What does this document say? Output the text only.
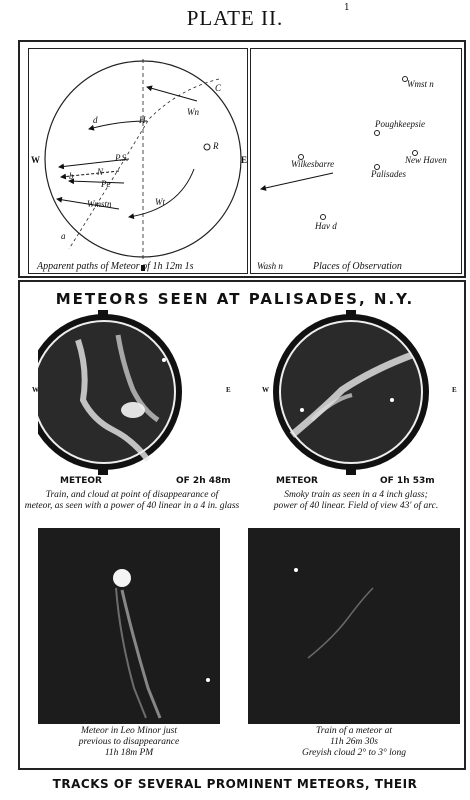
PLATE II.	1
W	E
C
Wn
H
d
R
P.S.
N
b
Pe
Wmstn	Wt
a
Apparent paths of Meteor of 1h 12m 1s
Wmst n
Poughkeepsie
New Haven
Wilkesbarre
Palisades
Hav d
Wash n	Places of Observation
METEORS SEEN AT PALISADES, N.Y.
METEOR	OF 2h 48m
W	E
Train, and cloud at point of disappearance of
meteor, as seen with a power of 40 linear in a 4 in. glass
METEOR	OF 1h 53m
W	E
Smoky train as seen in a 4 inch glass;
power of 40 linear. Field of view 43' of arc.
Meteor in Leo Minor just
previous to disappearance
11h 18m PM
Train of a meteor at
11h 26m 30s
Greyish cloud 2° to 3° long
TRACKS OF SEVERAL PROMINENT METEORS, THEIR
